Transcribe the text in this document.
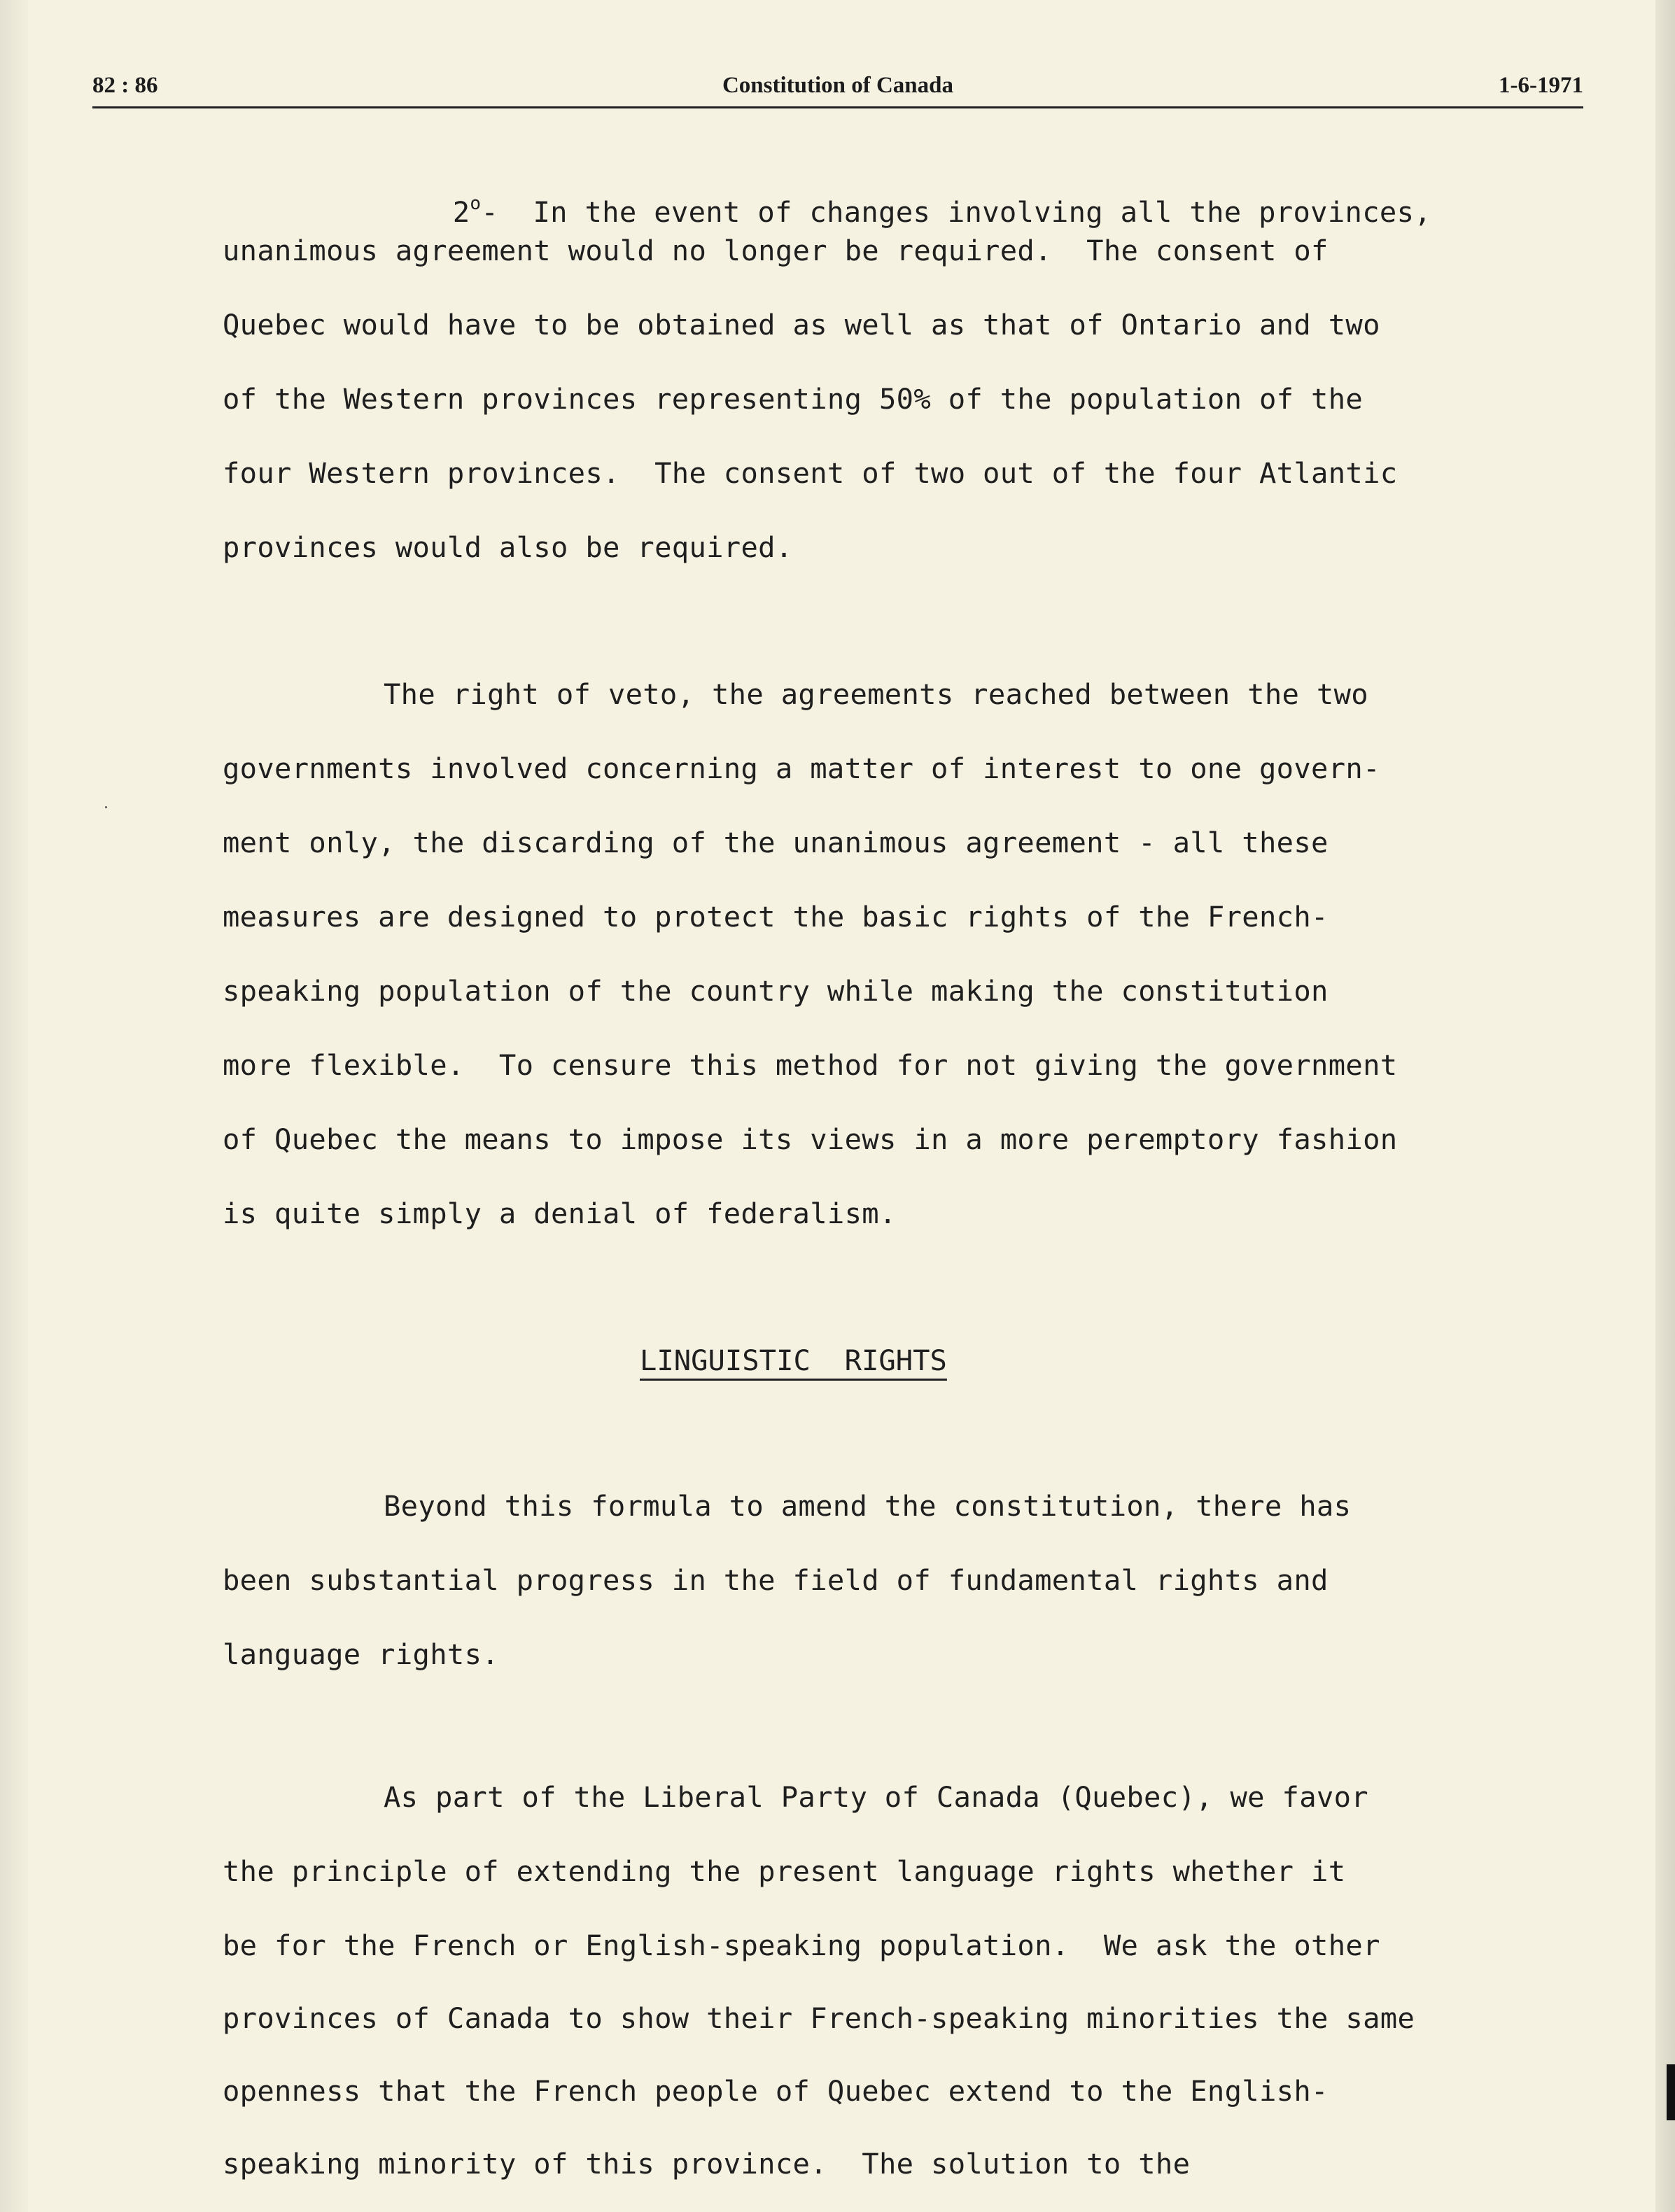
82 : 86	Constitution of Canada	1-6-1971

2$^o$-  In the event of changes involving all the provinces,

unanimous agreement would no longer be required.  The consent of
Quebec would have to be obtained as well as that of Ontario and two
of the Western provinces representing 50% of the population of the
four Western provinces.  The consent of two out of the four Atlantic
provinces would also be required.
The right of veto, the agreements reached between the two
governments involved concerning a matter of interest to one govern-
ment only, the discarding of the unanimous agreement - all these
measures are designed to protect the basic rights of the French-
speaking population of the country while making the constitution
more flexible.  To censure this method for not giving the government
of Quebec the means to impose its views in a more peremptory fashion
is quite simply a denial of federalism.
LINGUISTIC  RIGHTS
Beyond this formula to amend the constitution, there has
been substantial progress in the field of fundamental rights and
language rights.
As part of the Liberal Party of Canada (Quebec), we favor
the principle of extending the present language rights whether it
be for the French or English-speaking population.  We ask the other
provinces of Canada to show their French-speaking minorities the same
openness that the French people of Quebec extend to the English-
speaking minority of this province.  The solution to the
